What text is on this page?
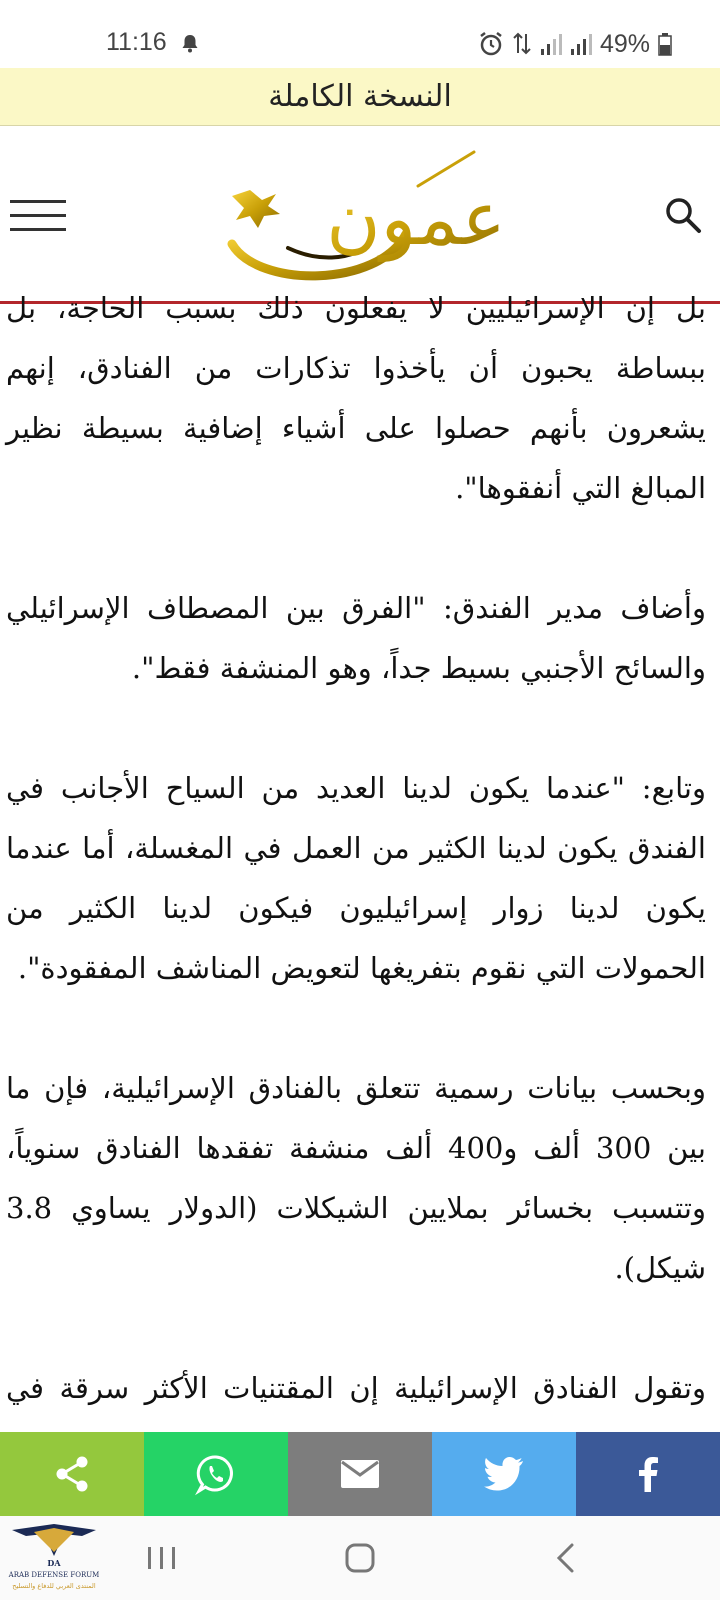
11:16	49%
النسخة الكاملة
عمون

بل إن الإسرائيليين لا يفعلون ذلك بسبب الحاجة، بل ببساطة يحبون أن يأخذوا تذكارات من الفنادق، إنهم يشعرون بأنهم حصلوا على أشياء إضافية بسيطة نظير المبالغ التي أنفقوها".

وأضاف مدير الفندق: "الفرق بين المصطاف الإسرائيلي والسائح الأجنبي بسيط جداً، وهو المنشفة فقط".

وتابع: "عندما يكون لدينا العديد من السياح الأجانب في الفندق يكون لدينا الكثير من العمل في المغسلة، أما عندما يكون لدينا زوار إسرائيليون فيكون لدينا الكثير من الحمولات التي نقوم بتفريغها لتعويض المناشف المفقودة".

وبحسب بيانات رسمية تتعلق بالفنادق الإسرائيلية، فإن ما بين 300 ألف و400 ألف منشفة تفقدها الفنادق سنوياً، وتتسبب بخسائر بملايين الشيكلات (الدولار يساوي 3.8 شيكل).

وتقول الفنادق الإسرائيلية إن المقتنيات الأكثر سرقة في

DA
ARAB DEFENSE FORUM
المنتدى العربي للدفاع والتسليح
